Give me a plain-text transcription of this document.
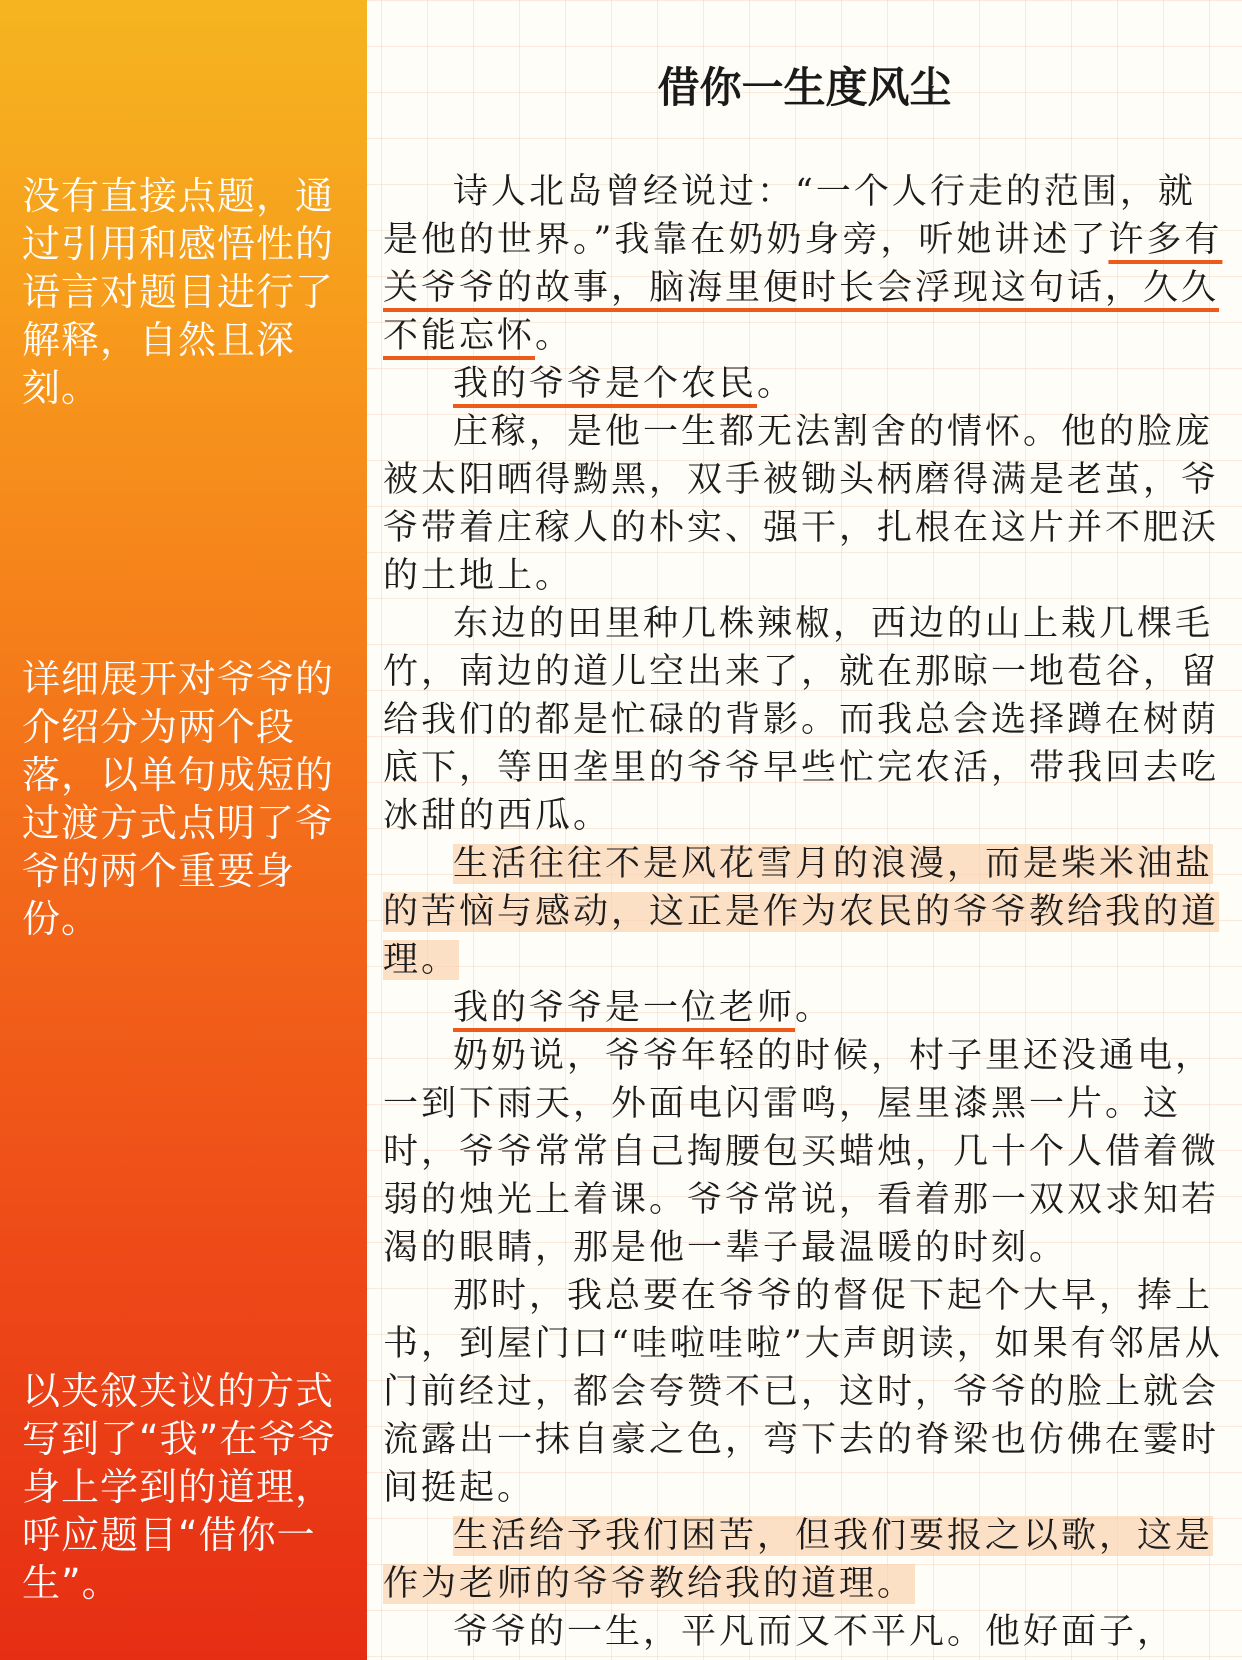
没有直接点题，通过引用和感悟性的语言对题目进行了解释，自然且深刻。

详细展开对爷爷的介绍分为两个段落，以单句成短的过渡方式点明了爷爷的两个重要身份。

以夹叙夹议的方式写到了“我”在爷爷身上学到的道理，呼应题目“借你一生”。

借你一生度风尘

诗人北岛曾经说过：“一个人行走的范围，就是他的世界。”我靠在奶奶身旁，听她讲述了许多有关爷爷的故事，脑海里便时长会浮现这句话，久久不能忘怀。

我的爷爷是个农民。

庄稼，是他一生都无法割舍的情怀。他的脸庞被太阳晒得黝黑，双手被锄头柄磨得满是老茧，爷爷带着庄稼人的朴实、强干，扎根在这片并不肥沃的土地上。

东边的田里种几株辣椒，西边的山上栽几棵毛竹，南边的道儿空出来了，就在那晾一地苞谷，留给我们的都是忙碌的背影。而我总会选择蹲在树荫底下，等田垄里的爷爷早些忙完农活，带我回去吃冰甜的西瓜。

生活往往不是风花雪月的浪漫，而是柴米油盐的苦恼与感动，这正是作为农民的爷爷教给我的道理。

我的爷爷是一位老师。

奶奶说，爷爷年轻的时候，村子里还没通电，一到下雨天，外面电闪雷鸣，屋里漆黑一片。这时，爷爷常常自己掏腰包买蜡烛，几十个人借着微弱的烛光上着课。爷爷常说，看着那一双双求知若渴的眼睛，那是他一辈子最温暖的时刻。

那时，我总要在爷爷的督促下起个大早，捧上书，到屋门口“哇啦哇啦”大声朗读，如果有邻居从门前经过，都会夸赞不已，这时，爷爷的脸上就会流露出一抹自豪之色，弯下去的脊梁也仿佛在霎时间挺起。

生活给予我们困苦，但我们要报之以歌，这是作为老师的爷爷教给我的道理。

爷爷的一生，平凡而又不平凡。他好面子，
